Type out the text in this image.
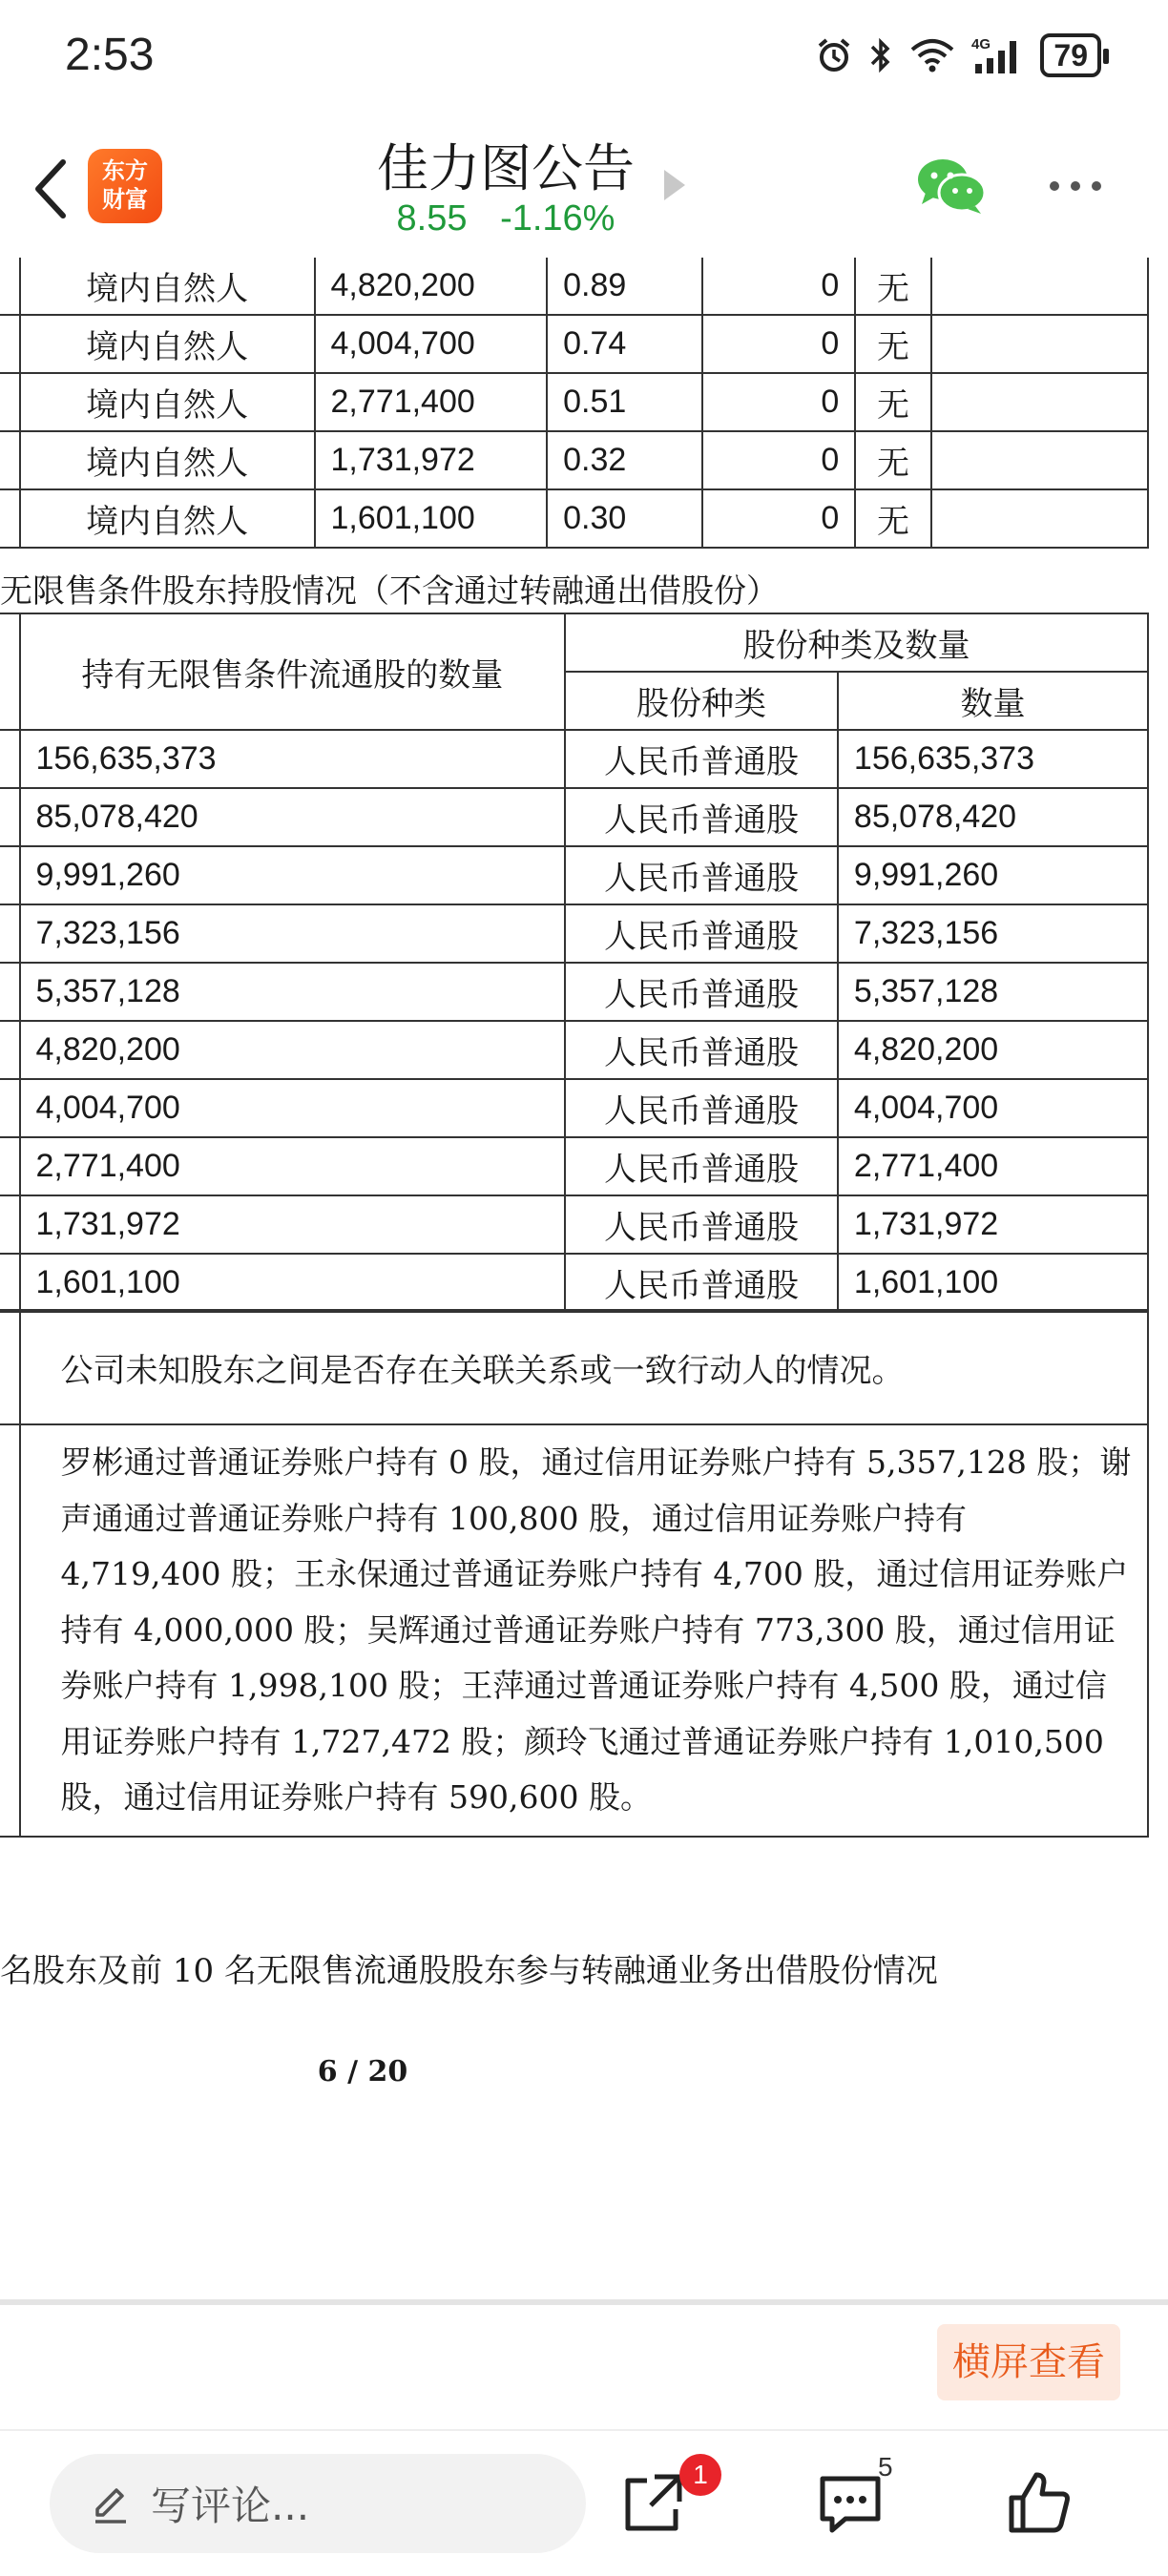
2:53	4G	79
东方
财富
佳力图公告
8.55 -1.16%
	境内自然人	4,820,200	0.89	0	无	
	境内自然人	4,004,700	0.74	0	无	
	境内自然人	2,771,400	0.51	0	无	
	境内自然人	1,731,972	0.32	0	无	
	境内自然人	1,601,100	0.30	0	无	
无限售条件股东持股情况（不含通过转融通出借股份）
	持有无限售条件流通股的数量	股份种类及数量	
		股份种类	数量
	156,635,373	人民币普通股	156,635,373
	85,078,420	人民币普通股	85,078,420
	9,991,260	人民币普通股	9,991,260
	7,323,156	人民币普通股	7,323,156
	5,357,128	人民币普通股	5,357,128
	4,820,200	人民币普通股	4,820,200
	4,004,700	人民币普通股	4,004,700
	2,771,400	人民币普通股	2,771,400
	1,731,972	人民币普通股	1,731,972
	1,601,100	人民币普通股	1,601,100
	公司未知股东之间是否存在关联关系或一致行动人的情况。
	罗彬通过普通证券账户持有 0 股，通过信用证券账户持有 5,357,128 股；谢声通通过普通证券账户持有 100,800 股，通过信用证券账户持有 4,719,400 股；王永保通过普通证券账户持有 4,700 股，通过信用证券账户持有 4,000,000 股；吴辉通过普通证券账户持有 773,300 股，通过信用证券账户持有 1,998,100 股；王萍通过普通证券账户持有 4,500 股，通过信用证券账户持有 1,727,472 股；颜玲飞通过普通证券账户持有 1,010,500 股，通过信用证券账户持有 590,600 股。
名股东及前 10 名无限售流通股股东参与转融通业务出借股份情况
6 / 20
横屏查看
写评论...
1	5
